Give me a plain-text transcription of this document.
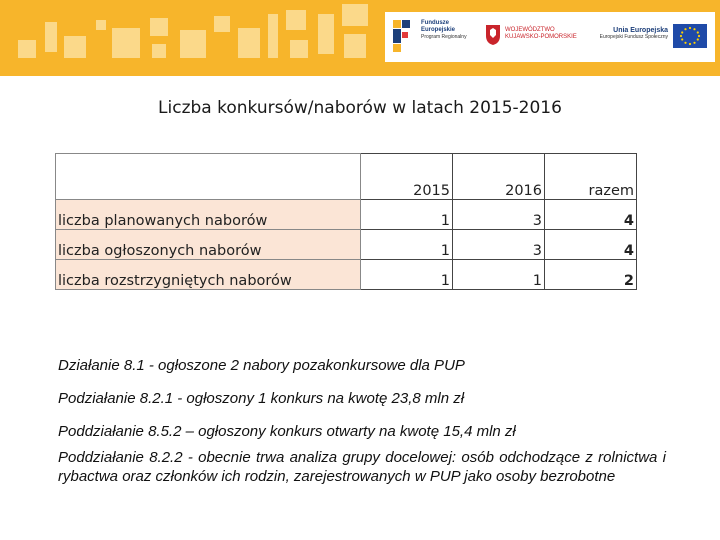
Fundusze
Europejskie
Program Regionalny
WOJEWÓDZTWO
KUJAWSKO-POMORSKIE
Unia Europejska
Europejski Fundusz Społeczny
Liczba konkursów/naborów w latach 2015-2016
	2015	2016	razem
liczba planowanych naborów	1	3	4
liczba ogłoszonych naborów	1	3	4
liczba rozstrzygniętych naborów	1	1	2

Działanie 8.1 - ogłoszone 2 nabory pozakonkursowe dla PUP

Podziałanie 8.2.1 - ogłoszony 1 konkurs na kwotę 23,8 mln zł

Poddziałanie 8.5.2 – ogłoszony konkurs otwarty na kwotę 15,4 mln zł

Poddziałanie 8.2.2 - obecnie trwa analiza grupy docelowej: osób odchodzące z rolnictwa i rybactwa oraz członków ich rodzin, zarejestrowanych w PUP jako osoby bezrobotne
